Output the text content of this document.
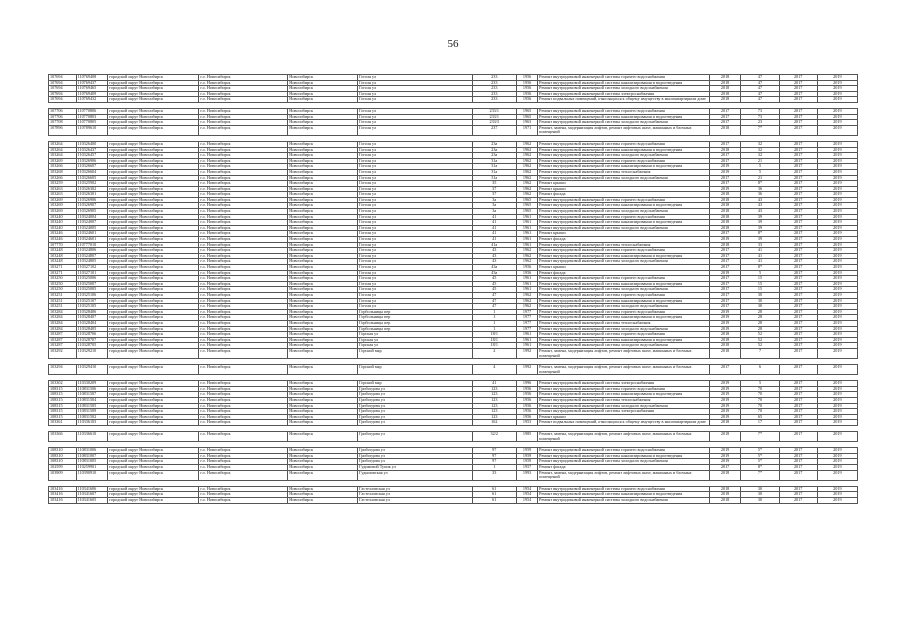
56
107694	110769408	городской округ Новосибирск	г.о. Новосибирск	Новосибирск	Гоголя ул	233	1956	Ремонт внутридомовой инженерной системы горячего водоснабжения	2018	47	2017	2019
107694	110769437	городской округ Новосибирск	г.о. Новосибирск	Новосибирск	Гоголя ул	233	1956	Ремонт внутридомовой инженерной системы канализирования и водоотведения	2018	47	2017	2019
107694	110769465	городской округ Новосибирск	г.о. Новосибирск	Новосибирск	Гоголя ул	233	1956	Ремонт внутридомовой инженерной системы холодного водоснабжения	2018	47	2017	2019
107694	110769409	городской округ Новосибирск	г.о. Новосибирск	Новосибирск	Гоголя ул	233	1956	Ремонт внутридомовой инженерной системы электроснабжения	2018	47	2017	2019
107694	110769432	городской округ Новосибирск	г.о. Новосибирск	Новосибирск	Гоголя ул	233	1956	Ремонт подвальных помещений, относящихся к общему имуществу в многоквартирном доме	2018	47	2017	2019

107706	110770806	городской округ Новосибирск	г.о. Новосибирск	Новосибирск	Гоголя ул	233/1	1965	Ремонт внутридомовой инженерной системы горячего водоснабжения	2017	73	2017	2019
107706	110770803	городской округ Новосибирск	г.о. Новосибирск	Новосибирск	Гоголя ул	233/1	1965	Ремонт внутридомовой инженерной системы канализирования и водоотведения	2017	73	2017	2019
107708	110770805	городской округ Новосибирск	г.о. Новосибирск	Новосибирск	Гоголя ул	233/3	1963	Ремонт внутридомовой инженерной системы холодного водоснабжения	2017	23	2017	2019
107896	110789610	городской округ Новосибирск	г.о. Новосибирск	Новосибирск	Гоголя ул	237	1971	Ремонт, замена, модернизация лифтов, ремонт лифтовых шахт, машинных и блочных помещений	2018	7*	2017	2019

103264	110326400	городской округ Новосибирск	г.о. Новосибирск	Новосибирск	Гоголя ул	23а	1962	Ремонт внутридомовой инженерной системы горячего водоснабжения	2017	32	2017	2019
103264	110326437	городской округ Новосибирск	г.о. Новосибирск	Новосибирск	Гоголя ул	23а	1962	Ремонт внутридомовой инженерной системы канализирования и водоотведения	2018	32	2017	2019
103264	110326457	городской округ Новосибирск	г.о. Новосибирск	Новосибирск	Гоголя ул	23а	1962	Ремонт внутридомовой инженерной системы холодного водоснабжения	2017	32	2017	2019
103269	110326906	городской округ Новосибирск	г.о. Новосибирск	Новосибирск	Гоголя ул	31а	1962	Ремонт внутридомовой инженерной системы горячего водоснабжения	2017	21	2017	2019
103266	110326607	городской округ Новосибирск	г.о. Новосибирск	Новосибирск	Гоголя ул	31а	1962	Ремонт внутридомовой инженерной системы канализирования и водоотведения	2019	5	2017	2019
103268	110326604	городской округ Новосибирск	г.о. Новосибирск	Новосибирск	Гоголя ул	31а	1962	Ремонт внутридомовой инженерной системы теплоснабжения	2019	5	2017	2019
103266	110326605	городской округ Новосибирск	г.о. Новосибирск	Новосибирск	Гоголя ул	31а	1962	Ремонт внутридомовой инженерной системы холодного водоснабжения	2017	21	2017	2019
103259	110325902	городской округ Новосибирск	г.о. Новосибирск	Новосибирск	Гоголя ул	35	1962	Ремонт крыши	2017	8*	2017	2019
103263	110326302	городской округ Новосибирск	г.о. Новосибирск	Новосибирск	Гоголя ул	37	1962	Ремонт крыши	2019	36	2017	2019
103263	110326301	городской округ Новосибирск	г.о. Новосибирск	Новосибирск	Гоголя ул	37	1962	Ремонт фасада	2018	36	2017	2019
103269	110326906	городской округ Новосибирск	г.о. Новосибирск	Новосибирск	Гоголя ул	3а	1965	Ремонт внутридомовой инженерной системы горячего водоснабжения	2018	43	2017	2019
103269	110326907	городской округ Новосибирск	г.о. Новосибирск	Новосибирск	Гоголя ул	3а	1965	Ремонт внутридомовой инженерной системы канализирования и водоотведения	2018	43	2017	2019
103269	110326905	городской округ Новосибирск	г.о. Новосибирск	Новосибирск	Гоголя ул	3а	1965	Ремонт внутридомовой инженерной системы холодного водоснабжения	2018	43	2017	2019
103240	110324004	городской округ Новосибирск	г.о. Новосибирск	Новосибирск	Гоголя ул	41	1961	Ремонт внутридомовой инженерной системы горячего водоснабжения	2018	39	2017	2019
103240	110324007	городской округ Новосибирск	г.о. Новосибирск	Новосибирск	Гоголя ул	41	1961	Ремонт внутридомовой инженерной системы канализирования и водоотведения	2018	39	2017	2019
103240	110324005	городской округ Новосибирск	г.о. Новосибирск	Новосибирск	Гоголя ул	41	1961	Ремонт внутридомовой инженерной системы холодного водоснабжения	2018	39	2017	2019
103246	110324601	городской округ Новосибирск	г.о. Новосибирск	Новосибирск	Гоголя ул	41	1961	Ремонт крыши	2017	8*	2017	2019
103246	110324601	городской округ Новосибирск	г.о. Новосибирск	Новосибирск	Гоголя ул	41	1961	Ремонт фасада	2019	39	2017	2019
107770	110777010	городской округ Новосибирск	г.о. Новосибирск	Новосибирск	Гоголя ул	41а	1961	Ремонт внутридомовой инженерной системы теплоснабжения	2018	33	2017	2019
103248	110324806	городской округ Новосибирск	г.о. Новосибирск	Новосибирск	Гоголя ул	43	1962	Ремонт внутридомовой инженерной системы горячего водоснабжения	2017	41	2017	2019
103248	110324807	городской округ Новосибирск	г.о. Новосибирск	Новосибирск	Гоголя ул	43	1962	Ремонт внутридомовой инженерной системы канализирования и водоотведения	2017	41	2017	2019
103248	110324805	городской округ Новосибирск	г.о. Новосибирск	Новосибирск	Гоголя ул	43	1962	Ремонт внутридомовой инженерной системы холодного водоснабжения	2017	41	2017	2019
103271	110327102	городской округ Новосибирск	г.о. Новосибирск	Новосибирск	Гоголя ул	43а	1956	Ремонт крыши	2017	8*	2017	2019
103271	110327101	городской округ Новосибирск	г.о. Новосибирск	Новосибирск	Гоголя ул	43а	1956	Ремонт фасада	2019	5	2017	2019
103250	110325006	городской округ Новосибирск	г.о. Новосибирск	Новосибирск	Гоголя ул	45	1961	Ремонт внутридомовой инженерной системы горячего водоснабжения	2017	15	2017	2019
103250	110325007	городской округ Новосибирск	г.о. Новосибирск	Новосибирск	Гоголя ул	45	1961	Ремонт внутридомовой инженерной системы канализирования и водоотведения	2017	15	2017	2019
103250	110325005	городской округ Новосибирск	г.о. Новосибирск	Новосибирск	Гоголя ул	45	1961	Ремонт внутридомовой инженерной системы холодного водоснабжения	2017	15	2017	2019
103251	110325106	городской округ Новосибирск	г.о. Новосибирск	Новосибирск	Гоголя ул	47	1962	Ремонт внутридомовой инженерной системы горячего водоснабжения	2017	30	2017	2019
103251	110325107	городской округ Новосибирск	г.о. Новосибирск	Новосибирск	Гоголя ул	47	1962	Ремонт внутридомовой инженерной системы канализирования и водоотведения	2017	30	2017	2019
103251	110325105	городской округ Новосибирск	г.о. Новосибирск	Новосибирск	Гоголя ул	47	1962	Ремонт внутридомовой инженерной системы холодного водоснабжения	2017	30	2017	2019
103284	110328406	городской округ Новосибирск	г.о. Новосибирск	Новосибирск	Горбольницы пер	1	1977	Ремонт внутридомовой инженерной системы горячего водоснабжения	2019	28	2017	2019
103284	110328407	городской округ Новосибирск	г.о. Новосибирск	Новосибирск	Горбольницы пер	1	1977	Ремонт внутридомовой инженерной системы канализирования и водоотведения	2019	28	2017	2019
103284	110328404	городской округ Новосибирск	г.о. Новосибирск	Новосибирск	Горбольницы пер	1	1977	Ремонт внутридомовой инженерной системы теплоснабжения	2019	28	2017	2019
103284	110328405	городской округ Новосибирск	г.о. Новосибирск	Новосибирск	Горбольницы пер	1	1977	Ремонт внутридомовой инженерной системы холодного водоснабжения	2019	28	2017	2019
103287	110328706	городской округ Новосибирск	г.о. Новосибирск	Новосибирск	Горская ул	18/1	1961	Ремонт внутридомовой инженерной системы горячего водоснабжения	2018	52	2017	2019
103287	110328707	городской округ Новосибирск	г.о. Новосибирск	Новосибирск	Горская ул	18/1	1961	Ремонт внутридомовой инженерной системы канализирования и водоотведения	2018	52	2017	2019
103287	110328705	городской округ Новосибирск	г.о. Новосибирск	Новосибирск	Горская ул	18/1	1961	Ремонт внутридомовой инженерной системы холодного водоснабжения	2018	52	2017	2019
103292	110329210	городской округ Новосибирск	г.о. Новосибирск	Новосибирск	Горский мкр	2	1992	Ремонт, замена, модернизация лифтов, ремонт лифтовых шахт, машинных и блочных помещений	2018	7	2017	2019

103294	110329410	городской округ Новосибирск	г.о. Новосибирск	Новосибирск	Горский мкр	4	1992	Ремонт, замена, модернизация лифтов, ремонт лифтовых шахт, машинных и блочных помещений	2017	6	2017	2019

103302	110330209	городской округ Новосибирск	г.о. Новосибирск	Новосибирск	Горский мкр	41	1996	Ремонт внутридомовой инженерной системы электроснабжения	2019	5	2017	2019
108315	110831506	городской округ Новосибирск	г.о. Новосибирск	Новосибирск	Грибоедова ул	123	1956	Ремонт внутридомовой инженерной системы горячего водоснабжения	2019	70	2017	2019
108315	110831507	городской округ Новосибирск	г.о. Новосибирск	Новосибирск	Грибоедова ул	123	1956	Ремонт внутридомовой инженерной системы канализирования и водоотведения	2019	70	2017	2019
108315	110831504	городской округ Новосибирск	г.о. Новосибирск	Новосибирск	Грибоедова ул	123	1956	Ремонт внутридомовой инженерной системы теплоснабжения	2019	70	2017	2019
108315	110831505	городской округ Новосибирск	г.о. Новосибирск	Новосибирск	Грибоедова ул	123	1956	Ремонт внутридомовой инженерной системы холодного водоснабжения	2019	70	2017	2019
108315	110831509	городской округ Новосибирск	г.о. Новосибирск	Новосибирск	Грибоедова ул	123	1956	Ремонт внутридомовой инженерной системы электроснабжения	2019	70	2017	2019
108315	110831502	городской округ Новосибирск	г.о. Новосибирск	Новосибирск	Грибоедова ул	123	1956	Ремонт крыши	2019	65	2017	2019
103361	110336103	городской округ Новосибирск	г.о. Новосибирск	Новосибирск	Грибоедова ул	162	1953	Ремонт подвальных помещений, относящихся к общему имуществу в многоквартирном доме	2018	17	2017	2019

103366	110336610	городской округ Новосибирск	г.о. Новосибирск	Новосибирск	Грибоедова ул	32/2	1985	Ремонт, замена, модернизация лифтов, ремонт лифтовых шахт, машинных и блочных помещений	2018	7*	2017	2019

108310	110831006	городской округ Новосибирск	г.о. Новосибирск	Новосибирск	Грибоедова ул	97	1959	Ремонт внутридомовой инженерной системы горячего водоснабжения	2019	5*	2017	2019
108310	110831007	городской округ Новосибирск	г.о. Новосибирск	Новосибирск	Грибоедова ул	97	1959	Ремонт внутридомовой инженерной системы канализирования и водоотведения	2019	5*	2017	2019
108310	110831005	городской округ Новосибирск	г.о. Новосибирск	Новосибирск	Грибоедова ул	97	1959	Ремонт внутридомовой инженерной системы холодного водоснабжения	2019	5*	2017	2019
102599	110259901	городской округ Новосибирск	г.о. Новосибирск	Новосибирск	Гудимовой Тупик ул	1	1957	Ремонт фасада	2017	8*	2017	2019
103909	110390910	городской округ Новосибирск	г.о. Новосибирск	Новосибирск	Гудымовская ул	33	1993	Ремонт, замена, модернизация лифтов, ремонт лифтовых шахт, машинных и блочных помещений	2018	7*	2017	2019

103416	110341606	городской округ Новосибирск	г.о. Новосибирск	Новосибирск	Гастелловская ул	61	1954	Ремонт внутридомовой инженерной системы горячего водоснабжения	2018	30	2017	2019
103416	110341607	городской округ Новосибирск	г.о. Новосибирск	Новосибирск	Гастелловская ул	61	1954	Ремонт внутридомовой инженерной системы канализирования и водоотведения	2018	30	2017	2019
103416	110341605	городской округ Новосибирск	г.о. Новосибирск	Новосибирск	Гастелловская ул	61	1954	Ремонт внутридомовой инженерной системы холодного водоснабжения	2018	30	2017	2019
